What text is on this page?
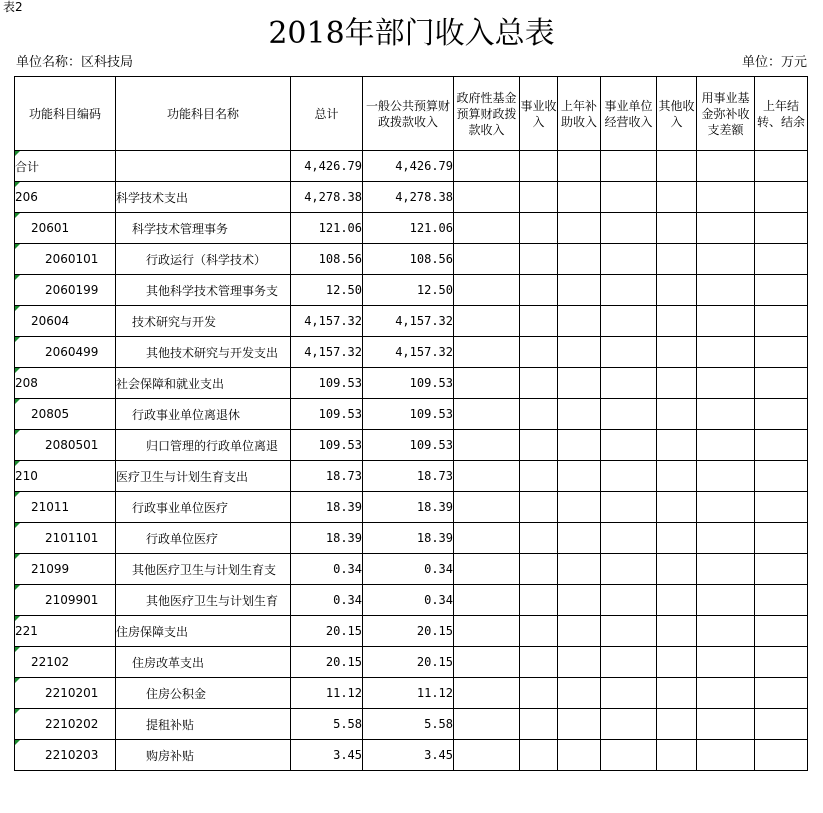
表2
2018年部门收入总表
单位名称：区科技局	单位：万元
功能科目编码	功能科目名称	总计	一般公共预算财政拨款收入	政府性基金预算财政拨款收入	事业收入	上年补助收入	事业单位经营收入	其他收入	用事业基金弥补收支差额	上年结转、结余
合计		4,426.79	4,426.79							
206	科学技术支出	4,278.38	4,278.38							
20601	科学技术管理事务	121.06	121.06							
2060101	行政运行（科学技术）	108.56	108.56							
2060199	其他科学技术管理事务支	12.50	12.50							
20604	技术研究与开发	4,157.32	4,157.32							
2060499	其他技术研究与开发支出	4,157.32	4,157.32							
208	社会保障和就业支出	109.53	109.53							
20805	行政事业单位离退休	109.53	109.53							
2080501	归口管理的行政单位离退	109.53	109.53							
210	医疗卫生与计划生育支出	18.73	18.73							
21011	行政事业单位医疗	18.39	18.39							
2101101	行政单位医疗	18.39	18.39							
21099	其他医疗卫生与计划生育支	0.34	0.34							
2109901	其他医疗卫生与计划生育	0.34	0.34							
221	住房保障支出	20.15	20.15							
22102	住房改革支出	20.15	20.15							
2210201	住房公积金	11.12	11.12							
2210202	提租补贴	5.58	5.58							
2210203	购房补贴	3.45	3.45							
